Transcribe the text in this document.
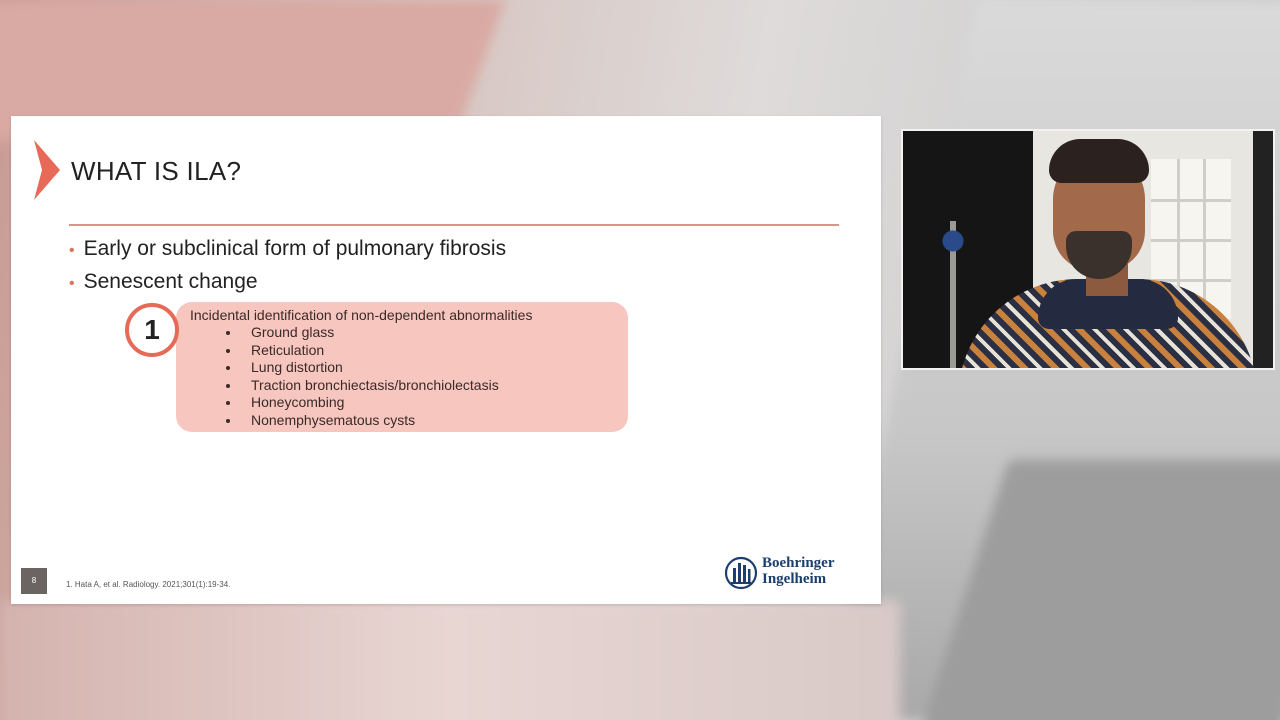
WHAT IS ILA?
• Early or subclinical form of pulmonary fibrosis
• Senescent change
Incidental identification of non-dependent abnormalities
Ground glass
Reticulation
Lung distortion
Traction bronchiectasis/bronchiolectasis
Honeycombing
Nonemphysematous cysts
1
8	1. Hata A, et al. Radiology. 2021;301(1):19-34.
Boehringer
Ingelheim
